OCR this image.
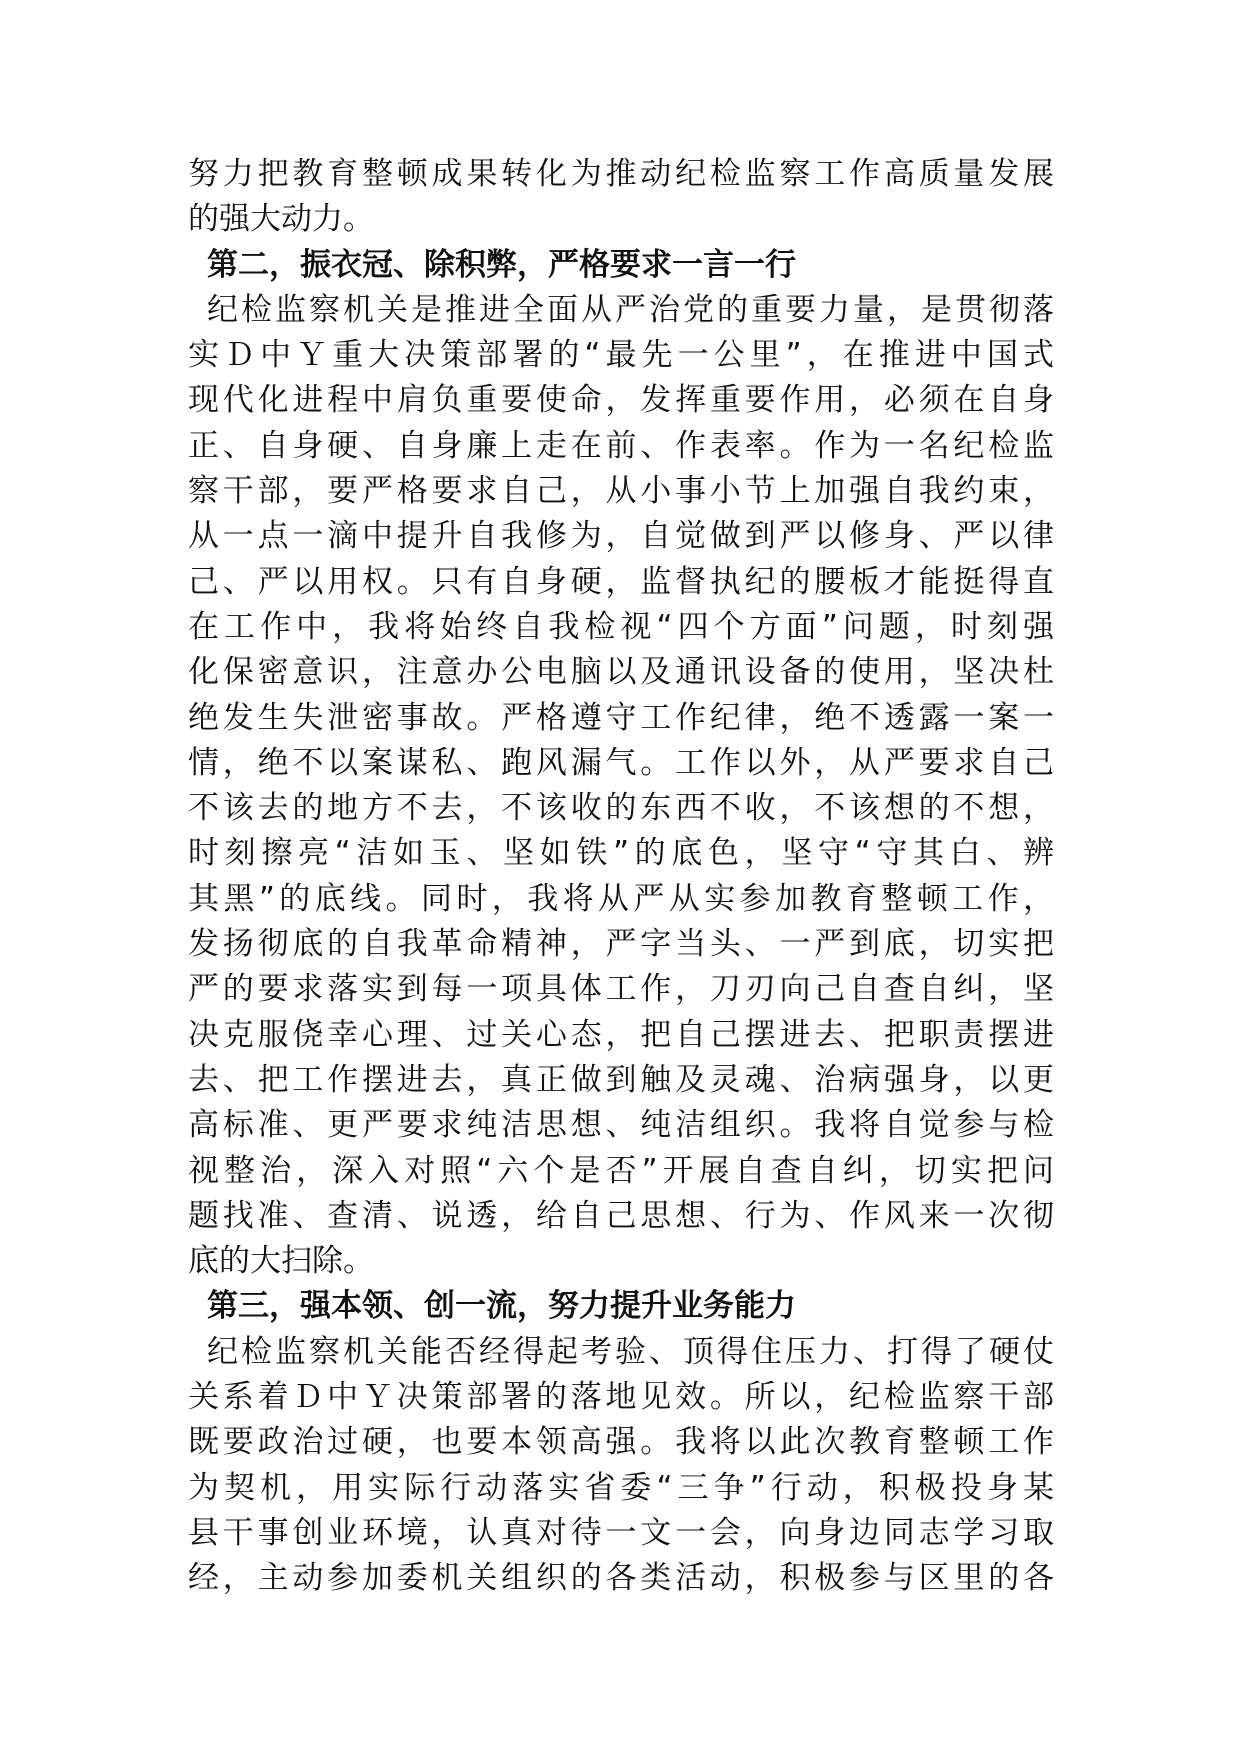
努力把教育整顿成果转化为推动纪检监察工作高质量发展
的强大动力。
第二，振衣冠、除积弊，严格要求一言一行
纪检监察机关是推进全面从严治党的重要力量，是贯彻落
实Ｄ中Ｙ重大决策部署的“最先一公里”，在推进中国式
现代化进程中肩负重要使命，发挥重要作用，必须在自身
正、自身硬、自身廉上走在前、作表率。作为一名纪检监
察干部，要严格要求自己，从小事小节上加强自我约束，
从一点一滴中提升自我修为，自觉做到严以修身、严以律
己、严以用权。只有自身硬，监督执纪的腰板才能挺得直
在工作中，我将始终自我检视“四个方面”问题，时刻强
化保密意识，注意办公电脑以及通讯设备的使用，坚决杜
绝发生失泄密事故。严格遵守工作纪律，绝不透露一案一
情，绝不以案谋私、跑风漏气。工作以外，从严要求自己
不该去的地方不去，不该收的东西不收，不该想的不想，
时刻擦亮“洁如玉、坚如铁”的底色，坚守“守其白、辨
其黑”的底线。同时，我将从严从实参加教育整顿工作，
发扬彻底的自我革命精神，严字当头、一严到底，切实把
严的要求落实到每一项具体工作，刀刃向己自查自纠，坚
决克服侥幸心理、过关心态，把自己摆进去、把职责摆进
去、把工作摆进去，真正做到触及灵魂、治病强身，以更
高标准、更严要求纯洁思想、纯洁组织。我将自觉参与检
视整治，深入对照“六个是否”开展自查自纠，切实把问
题找准、查清、说透，给自己思想、行为、作风来一次彻
底的大扫除。
第三，强本领、创一流，努力提升业务能力
纪检监察机关能否经得起考验、顶得住压力、打得了硬仗
关系着Ｄ中Ｙ决策部署的落地见效。所以，纪检监察干部
既要政治过硬，也要本领高强。我将以此次教育整顿工作
为契机，用实际行动落实省委“三争”行动，积极投身某
县干事创业环境，认真对待一文一会，向身边同志学习取
经，主动参加委机关组织的各类活动，积极参与区里的各
